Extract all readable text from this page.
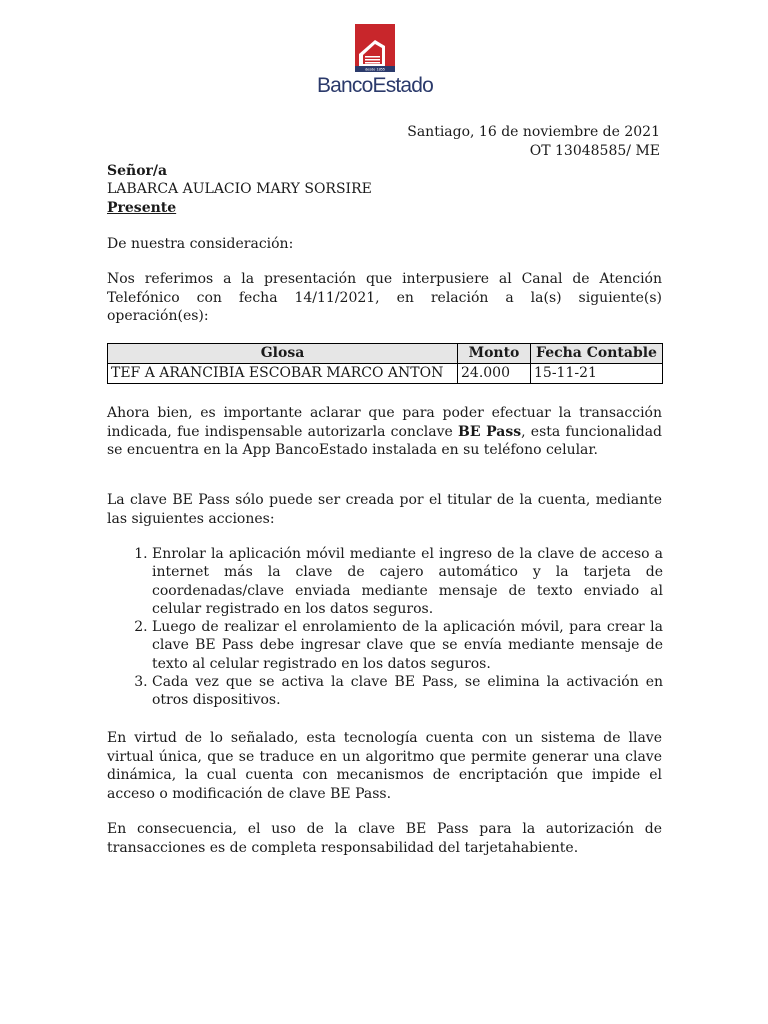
desde 1855
BancoEstado
Santiago, 16 de noviembre de 2021
OT 13048585/ ME
Señor/a
LABARCA AULACIO MARY SORSIRE
Presente
De nuestra consideración:
Nos referimos a la presentación que interpusiere al Canal de Atención Telefónico con fecha 14/11/2021, en relación a la(s) siguiente(s) operación(es):
Glosa	Monto	Fecha Contable
TEF A ARANCIBIA ESCOBAR MARCO ANTON	24.000	15-11-21
Ahora bien, es importante aclarar que para poder efectuar la transacción indicada, fue indispensable autorizarla conclave BE Pass, esta funcionalidad se encuentra en la App BancoEstado instalada en su teléfono celular.
La clave BE Pass sólo puede ser creada por el titular de la cuenta, mediante las siguientes acciones:
1. Enrolar la aplicación móvil mediante el ingreso de la clave de acceso a internet más la clave de cajero automático y la tarjeta de coordenadas/clave enviada mediante mensaje de texto enviado al celular registrado en los datos seguros.
2. Luego de realizar el enrolamiento de la aplicación móvil, para crear la clave BE Pass debe ingresar clave que se envía mediante mensaje de texto al celular registrado en los datos seguros.
3. Cada vez que se activa la clave BE Pass, se elimina la activación en otros dispositivos.
En virtud de lo señalado, esta tecnología cuenta con un sistema de llave virtual única, que se traduce en un algoritmo que permite generar una clave dinámica, la cual cuenta con mecanismos de encriptación que impide el acceso o modificación de clave BE Pass.
En consecuencia, el uso de la clave BE Pass para la autorización de transacciones es de completa responsabilidad del tarjetahabiente.
